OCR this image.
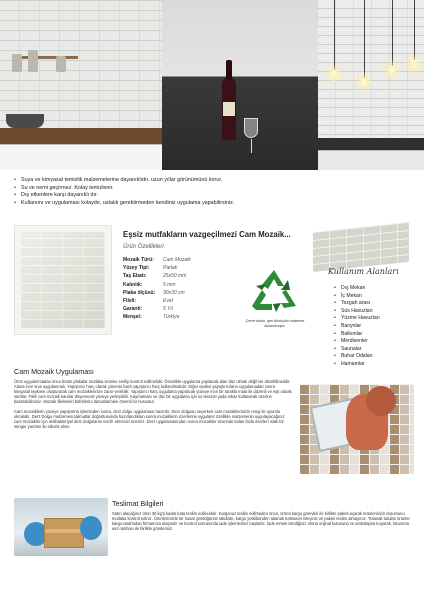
• Suya ve kimyasal temizlik malzemelerine dayanıklıdır, uzun yıllar görünümünü korur.
• Su ve nemi geçirmez. Kolay temizlenir.
• Dış etkenlere karşı dayanıklı dır.
• Kullanımı ve uygulaması kolaydır, ustalık gerektirmeden kendiniz uygulama yapabilirsiniz.
Eşsiz mutfakların vazgeçilmezi Cam Mozaik...
Ürün Özellikleri
Mozaik Türü:	Cam Mozaik
Yüzey Tipi:	Parlak
Taş Ebatı:	25x50 mm
Kalınlık:	5 mm
Plaka ölçüsü:	30x30 cm
Fileli:	Evet
Garanti:	5 Yıl
Menşei:	Türkiye
Çevre dostu, geri dönüşüm malzeme kullanılmıştır.
Kullanım Alanları
• Dış Mekan
• İç Mekan
• Tezgah arası
• Süs Havuzları
• Yüzme Havuzları
• Banyolar
• Balkonlar
• Merdivenler
• Saunalar
• Buhar Odaları
• Hamamlar
Cam Mozaik Uygulaması

Ürün uygulanmadan önce bütün plakalar mutlaka zemine serilip kontrol edilmelidir. Öncelikle uygulama yapılacak alan düz olmalı değil ise düzeltilmelidir. Alana ince sıva uygulanmalı. Yapıştırıcı harç olarak çimento bazlı yapıştırıcı harç kullanılmalıdır. Diğer epoksi yapıştırıcıların uygulamadan sonra kimyasal tepkime oluşturarak cam mozaiklerinize zarar verebilir. Yapıştırıcı harç uygulama yapılacak yüzeye ince bir tarakla mala ile düzenli ve eşit olarak sürülür. Fileli cam mozaik karolar döşenecek yüzeye yerleştirilir. Kaymaması ve düz bir uygulama için su terazisi yada tokaz kullanarak üzerine bastırabilirsiniz. Mozaik filelerinin birbirlerini tamamlaması önemli bir husustur.

Cam mozaiklerin yüzeye yapıştırma işleminden sonra, derz dolgu uygulaması hazırdır. Derz dolgusu seçerken cam mozaiklerinizin rengi ile uyumlu olmalıdır. Derz Dolgu malzemesi talimatlar doğrultusunda hazırlandıktan sonra mozaiklerin üzerlerine uygulanır özellikle malzemenin uygulayacağınız cam mozaikler için antibakteriyel derz dolgularını tercih etmenizi öneririz. Derz uygulamasından sonra mozaikler üzerinde kalan fazla derzleri ıslak bir sünger yardımı ile silerek alınır.

Teslimat Bilgileri
Satın alacağınız ürün 30 kg'a kadar kata teslim edilecektir. Kargonuz teslim edilmeden önce, ürünü kargo görevlisi ile birlikte paketi açarak ürünlerinizin durumunu mutlaka kontrol ediniz. Ürünlerinizde bir hasar gördüğünüz takdirde, kargo yetkilisinden tutanak tutmasını isteyiniz ve paketi teslim almayınız. Tutanak tutulan ürünler kargo tarafından firmamıza ulaştırılır ve kontrol sonrasında iade işlemleriniz başlatılır. İade etmek istediğiniz ürünü orijinal kutusuna ve ambalajına koyarak, faturanın asıl nüshası ile birlikte gönderiniz.
